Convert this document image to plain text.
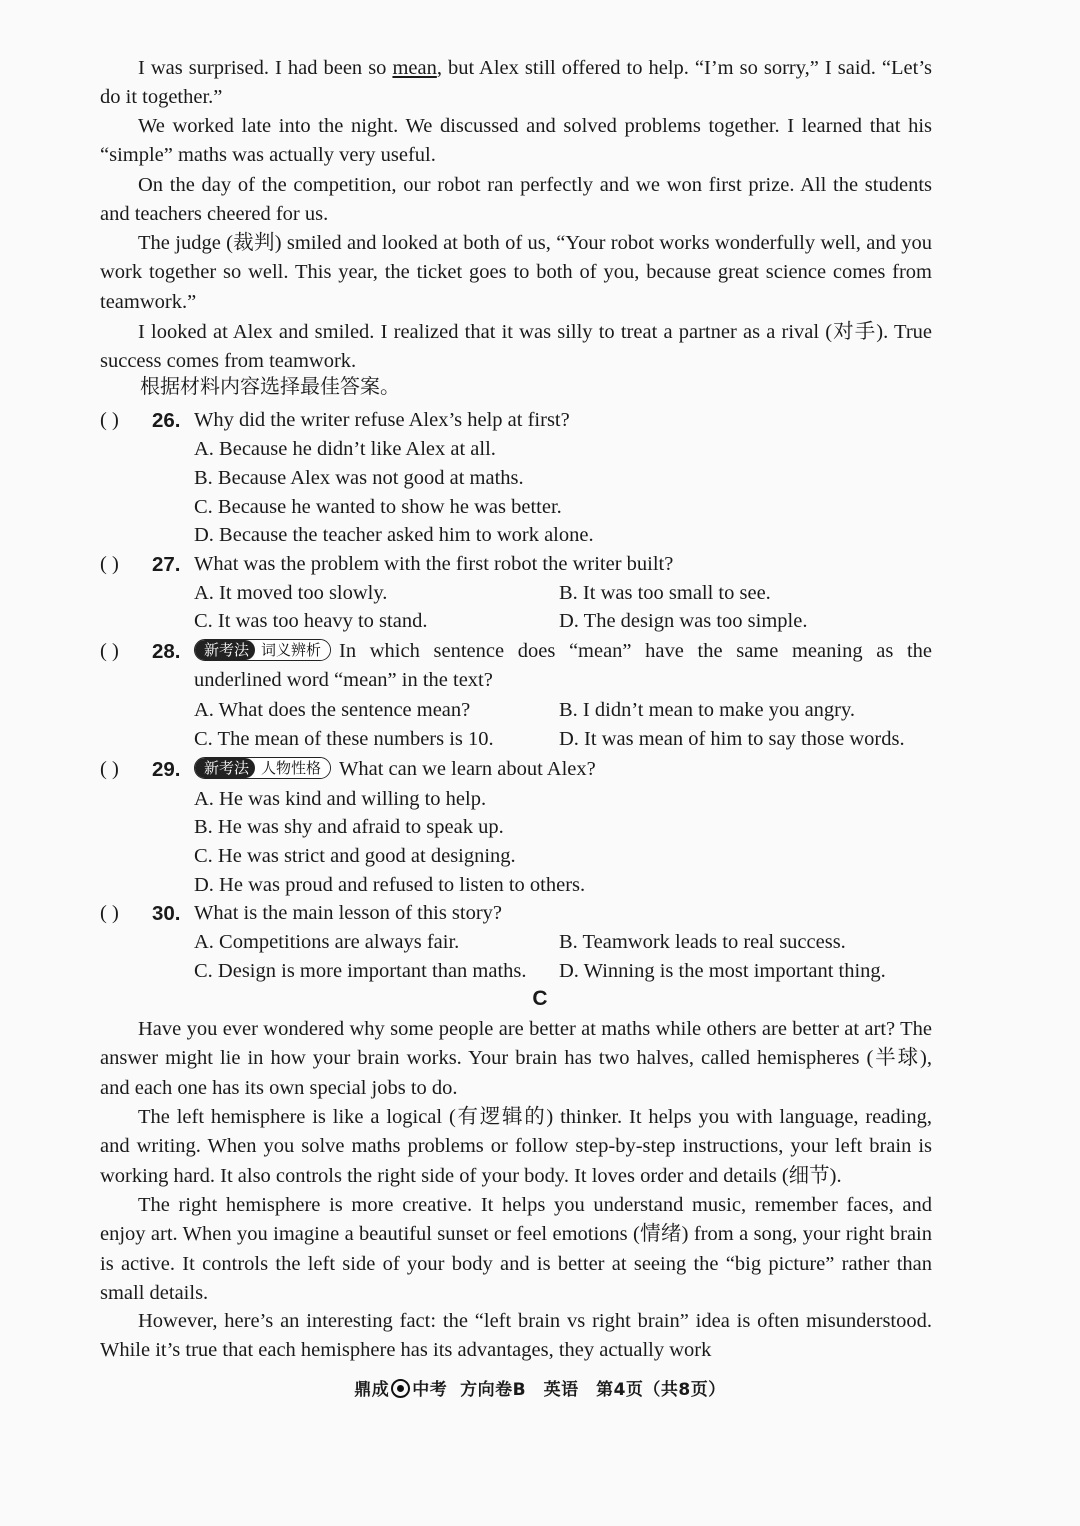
I was surprised. I had been so mean, but Alex still offered to help. “I’m so sorry,” I said. “Let’s do it together.”

We worked late into the night. We discussed and solved problems together. I learned that his “simple” maths was actually very useful.

On the day of the competition, our robot ran perfectly and we won first prize. All the students and teachers cheered for us.

The judge (裁判) smiled and looked at both of us, “Your robot works wonderfully well, and you work together so well. This year, the ticket goes to both of you, because great science comes from teamwork.”

I looked at Alex and smiled. I realized that it was silly to treat a partner as a rival (对手). True success comes from teamwork.

根据材料内容选择最佳答案。
( ) 26. Why did the writer refuse Alex’s help at first?
A. Because he didn’t like Alex at all.
B. Because Alex was not good at maths.
C. Because he wanted to show he was better.
D. Because the teacher asked him to work alone.
( ) 27. What was the problem with the first robot the writer built?
A. It moved too slowly.	B. It was too small to see.
C. It was too heavy to stand.	D. The design was too simple.
( ) 28.	新考法 词义辨析 In which sentence does “mean” have the same meaning as the underlined word “mean” in the text?
A. What does the sentence mean?	B. I didn’t mean to make you angry.
C. The mean of these numbers is 10.	D. It was mean of him to say those words.
( ) 29.	新考法 人物性格 What can we learn about Alex?
A. He was kind and willing to help.
B. He was shy and afraid to speak up.
C. He was strict and good at designing.
D. He was proud and refused to listen to others.
( ) 30. What is the main lesson of this story?
A. Competitions are always fair.	B. Teamwork leads to real success.
C. Design is more important than maths. D. Winning is the most important thing.
C

Have you ever wondered why some people are better at maths while others are better at art? The answer might lie in how your brain works. Your brain has two halves, called hemispheres (半球), and each one has its own special jobs to do.

The left hemisphere is like a logical (有逻辑的) thinker. It helps you with language, reading, and writing. When you solve maths problems or follow step-by-step instructions, your left brain is working hard. It also controls the right side of your body. It loves order and details (细节).

The right hemisphere is more creative. It helps you understand music, remember faces, and enjoy art. When you imagine a beautiful sunset or feel emotions (情绪) from a song, your right brain is active. It controls the left side of your body and is better at seeing the “big picture” rather than small details.

However, here’s an interesting fact: the “left brain vs right brain” idea is often misunderstood. While it’s true that each hemisphere has its advantages, they actually work

鼎成 中考 方向卷B　英语　第4页（共8页）
